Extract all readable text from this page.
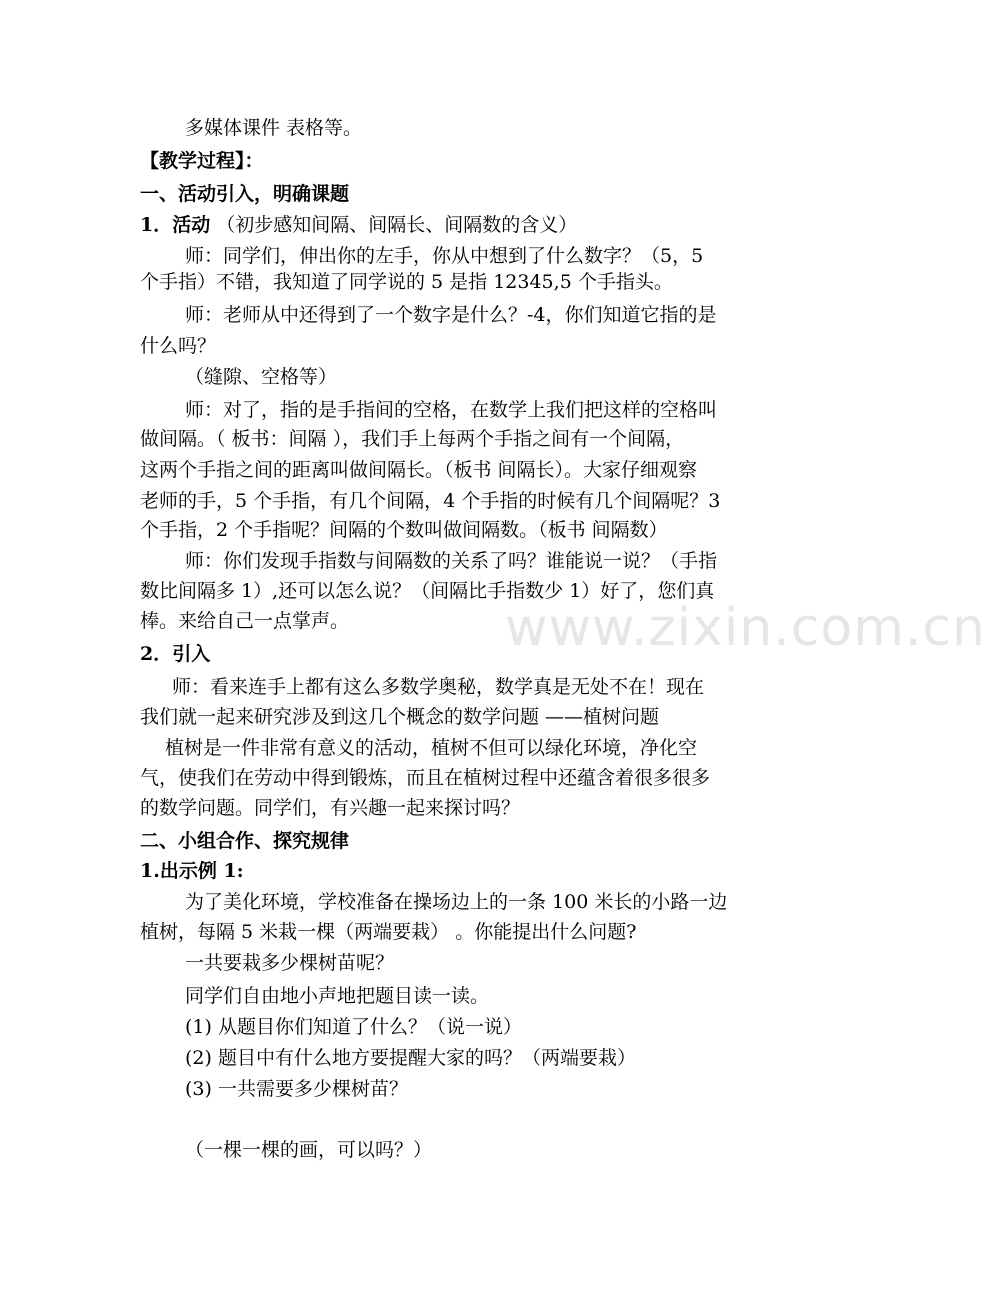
多媒体课件 表格等。
【教学过程】：
一、活动引入，明确课题
1．活动 （初步感知间隔、间隔长、间隔数的含义）
师：同学们，伸出你的左手，你从中想到了什么数字？（5，5
个手指）不错，我知道了同学说的 5 是指 12345,5 个手指头。
师：老师从中还得到了一个数字是什么？-4，你们知道它指的是
什么吗？
（缝隙、空格等）
师：对了，指的是手指间的空格，在数学上我们把这样的空格叫
做间隔。（ 板书：间隔 ），我们手上每两个手指之间有一个间隔，
这两个手指之间的距离叫做间隔长。（板书 间隔长）。大家仔细观察
老师的手，5 个手指，有几个间隔，4 个手指的时候有几个间隔呢？3
个手指，2 个手指呢？间隔的个数叫做间隔数。（板书 间隔数）
师：你们发现手指数与间隔数的关系了吗？谁能说一说？（手指
数比间隔多 1）,还可以怎么说？（间隔比手指数少 1）好了，您们真
棒。来给自己一点掌声。
2．引入
师：看来连手上都有这么多数学奥秘，数学真是无处不在！现在
我们就一起来研究涉及到这几个概念的数学问题 ——植树问题
植树是一件非常有意义的活动，植树不但可以绿化环境，净化空
气，使我们在劳动中得到锻炼，而且在植树过程中还蕴含着很多很多
的数学问题。同学们，有兴趣一起来探讨吗？
二、小组合作、探究规律
1.出示例 1:
为了美化环境，学校准备在操场边上的一条 100 米长的小路一边
植树，每隔 5 米栽一棵（两端要栽） 。你能提出什么问题?
一共要栽多少棵树苗呢？
同学们自由地小声地把题目读一读。
(1) 从题目你们知道了什么？（说一说）
(2) 题目中有什么地方要提醒大家的吗？（两端要栽）
(3) 一共需要多少棵树苗？
（一棵一棵的画，可以吗？）
www.zixin.com.cn
